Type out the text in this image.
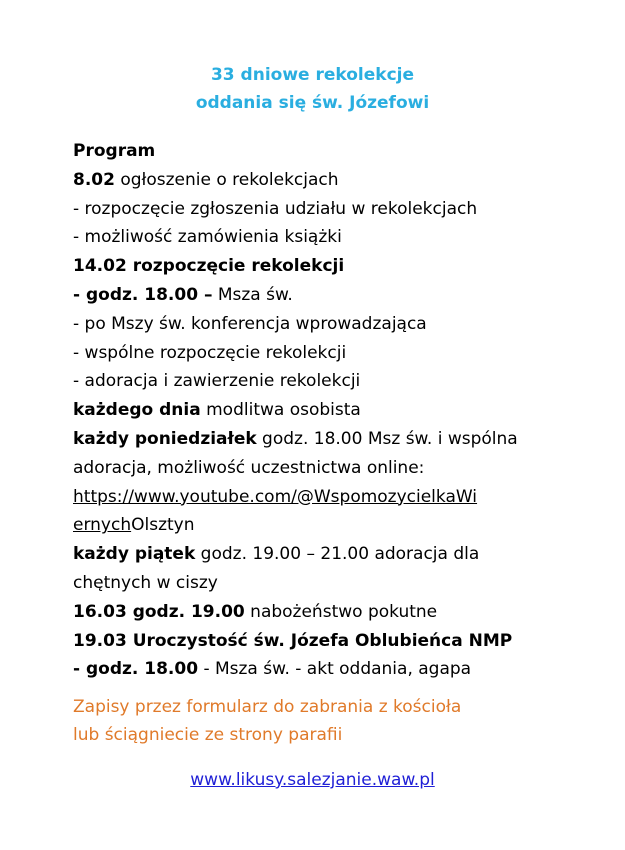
33 dniowe rekolekcje
oddania się św. Józefowi
Program
8.02 ogłoszenie o rekolekcjach
- rozpoczęcie zgłoszenia udziału w rekolekcjach
- możliwość zamówienia książki
14.02 rozpoczęcie rekolekcji
- godz. 18.00 – Msza św.
- po Mszy św. konferencja wprowadzająca
- wspólne rozpoczęcie rekolekcji
- adoracja i zawierzenie rekolekcji
każdego dnia modlitwa osobista
każdy poniedziałek godz. 18.00 Msz św. i wspólna
adoracja, możliwość uczestnictwa online:
https://www.youtube.com/@WspomozycielkaWi
ernychOlsztyn
każdy piątek godz. 19.00 – 21.00 adoracja dla
chętnych w ciszy
16.03 godz. 19.00 nabożeństwo pokutne
19.03 Uroczystość św. Józefa Oblubieńca NMP
- godz. 18.00 - Msza św. - akt oddania, agapa
Zapisy przez formularz do zabrania z kościoła
lub ściągniecie ze strony parafii
www.likusy.salezjanie.waw.pl
